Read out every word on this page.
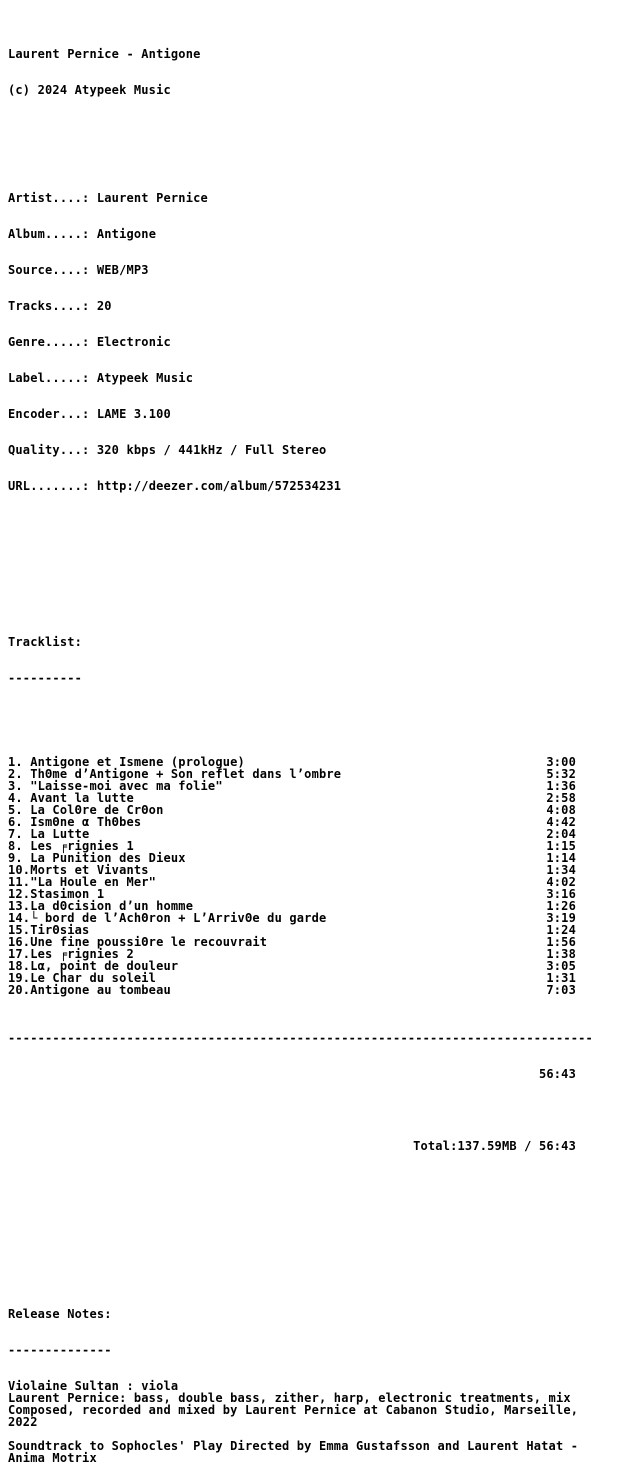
Laurent Pernice - Antigone

(c) 2024 Atypeek Music

Artist....: Laurent Pernice

Album.....: Antigone

Source....: WEB/MP3

Tracks....: 20

Genre.....: Electronic

Label.....: Atypeek Music

Encoder...: LAME 3.100

Quality...: 320 kbps / 441kHz / Full Stereo

URL.......: http://deezer.com/album/572534231

Tracklist:

----------

1. Antigone et Ismene (prologue)	3:00
2. ThΘme d’Antigone + Son reflet dans l’ombre	5:32
3. "Laisse-moi avec ma folie"	1:36
4. Avant la lutte	2:58
5. La ColΘre de CrΘon	4:08
6. IsmΘne α ThΘbes	4:42
7. La Lutte	2:04
8. Les ╒rignies 1	1:15
9. La Punition des Dieux	1:14
10.Morts et Vivants	1:34
11."La Houle en Mer"	4:02
12.Stasimon 1	3:16
13.La dΘcision d’un homme	1:26
14.└ bord de l’AchΘron + L’ArrivΘe du garde	3:19
15.TirΘsias	1:24
16.Une fine poussiΘre le recouvrait	1:56
17.Les ╒rignies 2	1:38
18.Lα, point de douleur	3:05
19.Le Char du soleil	1:31
20.Antigone au tombeau	7:03

-------------------------------------------------------------------------------

56:43

Total:137.59MB / 56:43

Release Notes:

--------------

Violaine Sultan : viola
Laurent Pernice: bass, double bass, zither, harp, electronic treatments, mix
Composed, recorded and mixed by Laurent Pernice at Cabanon Studio, Marseille,
2022
Soundtrack to Sophocles' Play Directed by Emma Gustafsson and Laurent Hatat -
Anima Motrix
